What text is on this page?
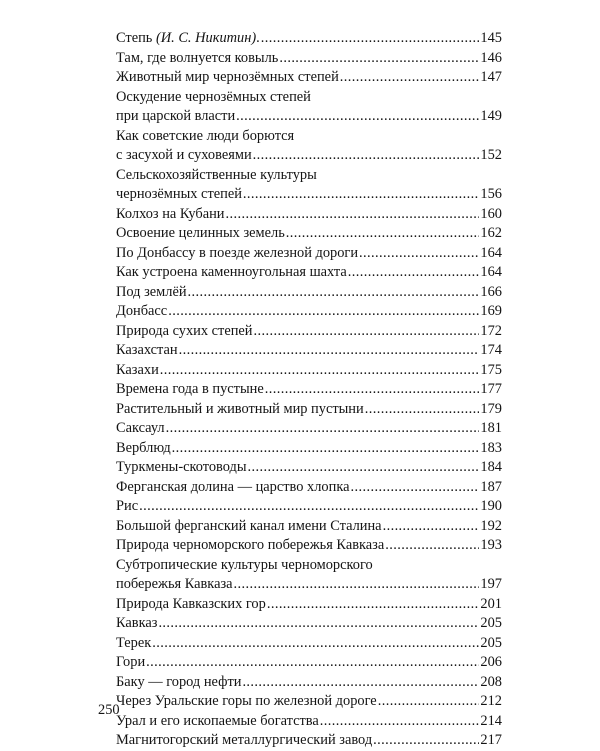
Степь (И. С. Никитин). . . .	145
Там, где волнуется ковыль . . .	146
Животный мир чернозёмных степей . . .	147
Оскудение чернозёмных степей
при царской власти . . .	149
Как советские люди борются
с засухой и суховеями . . .	152
Сельскохозяйственные культуры
чернозёмных степей . . .	156
Колхоз на Кубани . . .	160
Освоение целинных земель . . .	162
По Донбассу в поезде железной дороги . . .	164
Как устроена каменноугольная шахта . . .	164
Под землёй . . .	166
Донбасс . . .	169
Природа сухих степей . . .	172
Казахстан . . .	174
Казахи . . .	175
Времена года в пустыне . . .	177
Растительный и животный мир пустыни . . .	179
Саксаул . . .	181
Верблюд . . .	183
Туркмены-скотоводы . . .	184
Ферганская долина — царство хлопка . . .	187
Рис . . .	190
Большой ферганский канал имени Сталина . . .	192
Природа черноморского побережья Кавказа . . .	193
Субтропические культуры черноморского
побережья Кавказа . . .	197
Природа Кавказских гор . . .	201
Кавказ . . .	205
Терек . . .	205
Гори . . .	206
Баку — город нефти . . .	208
Через Уральские горы по железной дороге . . .	212
Урал и его ископаемые богатства . . .	214
Магнитогорский металлургический завод . . .	217
250
